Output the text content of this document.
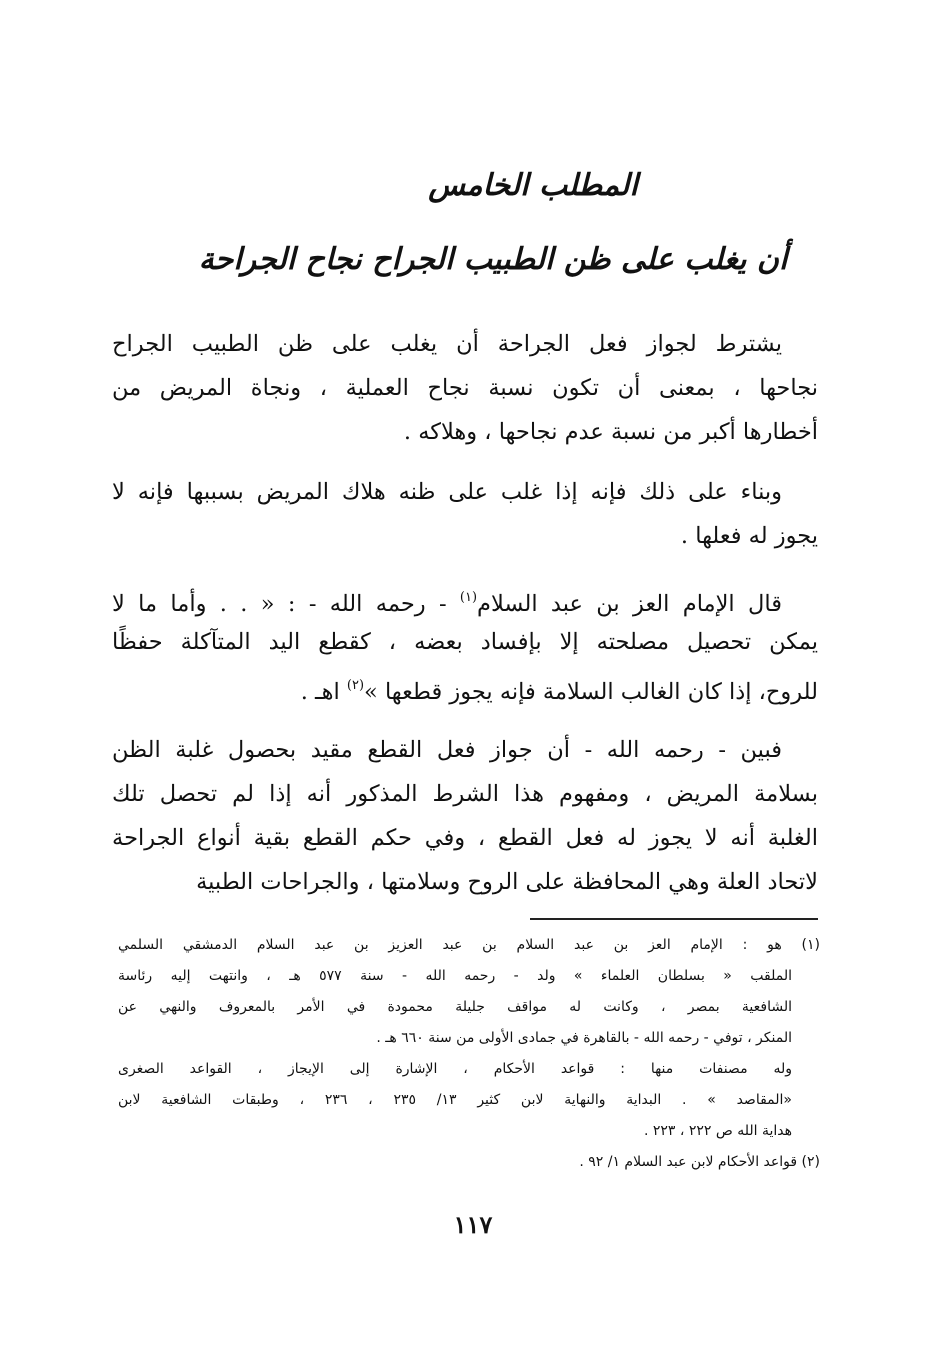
المطلب الخامس
أن يغلب على ظن الطبيب الجراح نجاح الجراحة
يشترط لجواز فعل الجراحة أن يغلب على ظن الطبيب الجراح
نجاحها ، بمعنى أن تكون نسبة نجاح العملية ، ونجاة المريض من
أخطارها أكبر من نسبة عدم نجاحها ، وهلاكه .
وبناء على ذلك فإنه إذا غلب على ظنه هلاك المريض بسببها فإنه لا
يجوز له فعلها .
قال الإمام العز بن عبد السلام$^{(١)}$ - رحمه الله - : « . . وأما ما لا
يمكن تحصيل مصلحته إلا بإفساد بعضه ، كقطع اليد المتآكلة حفظًا
للروح، إذا كان الغالب السلامة فإنه يجوز قطعها »$^{(٢)}$ اهـ .
فبين - رحمه الله - أن جواز فعل القطع مقيد بحصول غلبة الظن
بسلامة المريض ، ومفهوم هذا الشرط المذكور أنه إذا لم تحصل تلك
الغلبة أنه لا يجوز له فعل القطع ، وفي حكم القطع بقية أنواع الجراحة
لاتحاد العلة وهي المحافظة على الروح وسلامتها ، والجراحات الطبية
(١) هو : الإمام العز بن عبد السلام بن عبد العزيز بن عبد السلام الدمشقي السلمي
الملقب « بسلطان العلماء » ولد - رحمه الله - سنة ٥٧٧ هـ ، وانتهت إليه رئاسة
الشافعية بمصر ، وكانت له مواقف جليلة محمودة في الأمر بالمعروف والنهي عن
المنكر ، توفي - رحمه الله - بالقاهرة في جمادى الأولى من سنة ٦٦٠ هـ .
وله مصنفات منها : قواعد الأحكام ، الإشارة إلى الإيجاز ، القواعد الصغرى
«المقاصد » . البداية والنهاية لابن كثير ١٣/ ٢٣٥ ، ٢٣٦ ، وطبقات الشافعية لابن
هداية الله ص ٢٢٢ ، ٢٢٣ .
(٢) قواعد الأحكام لابن عبد السلام ١/ ٩٢ .
١١٧
